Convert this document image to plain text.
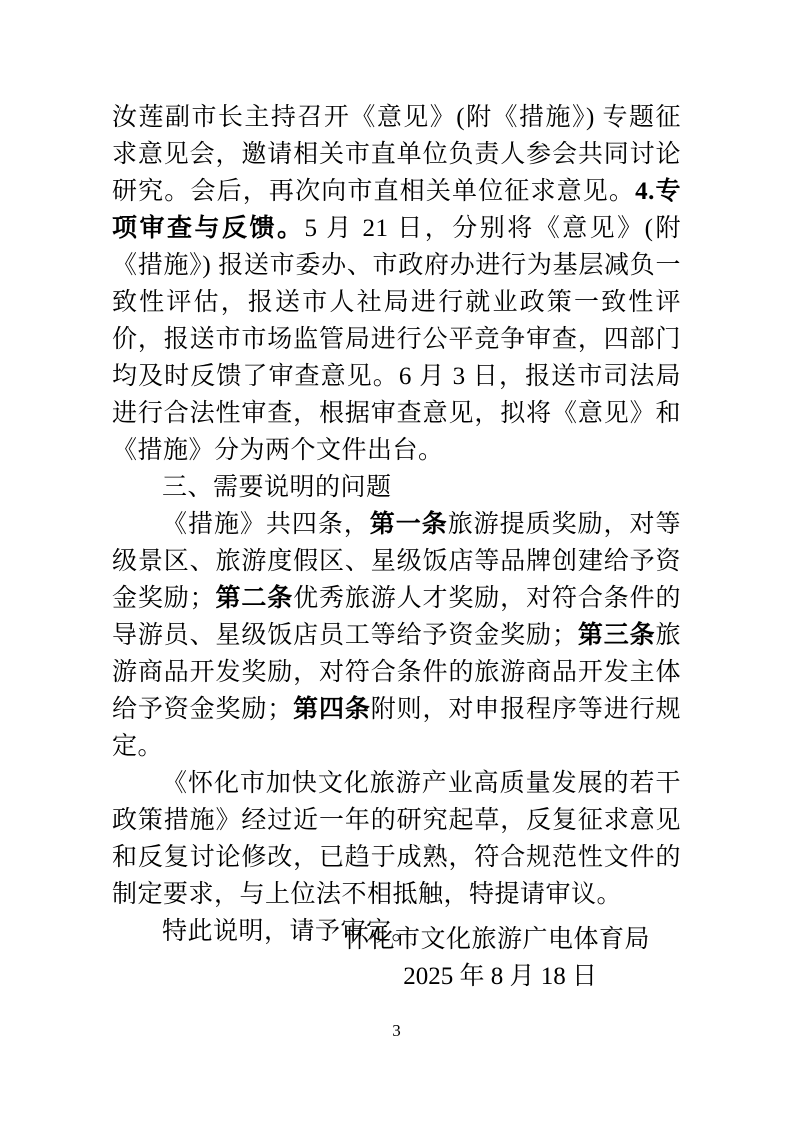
汝莲副市长主持召开《意见》(附《措施》) 专题征求意见会，邀请相关市直单位负责人参会共同讨论研究。会后，再次向市直相关单位征求意见。4.专项审查与反馈。5 月 21 日，分别将《意见》(附《措施》) 报送市委办、市政府办进行为基层减负一致性评估，报送市人社局进行就业政策一致性评价，报送市市场监管局进行公平竞争审查，四部门均及时反馈了审查意见。6 月 3 日，报送市司法局进行合法性审查，根据审查意见，拟将《意见》和《措施》分为两个文件出台。

三、需要说明的问题

《措施》共四条，第一条旅游提质奖励，对等级景区、旅游度假区、星级饭店等品牌创建给予资金奖励；第二条优秀旅游人才奖励，对符合条件的导游员、星级饭店员工等给予资金奖励；第三条旅游商品开发奖励，对符合条件的旅游商品开发主体给予资金奖励；第四条附则，对申报程序等进行规定。

《怀化市加快文化旅游产业高质量发展的若干政策措施》经过近一年的研究起草，反复征求意见和反复讨论修改，已趋于成熟，符合规范性文件的制定要求，与上位法不相抵触，特提请审议。

特此说明，请予审定。

怀化市文化旅游广电体育局
2025 年 8 月 18 日
3
